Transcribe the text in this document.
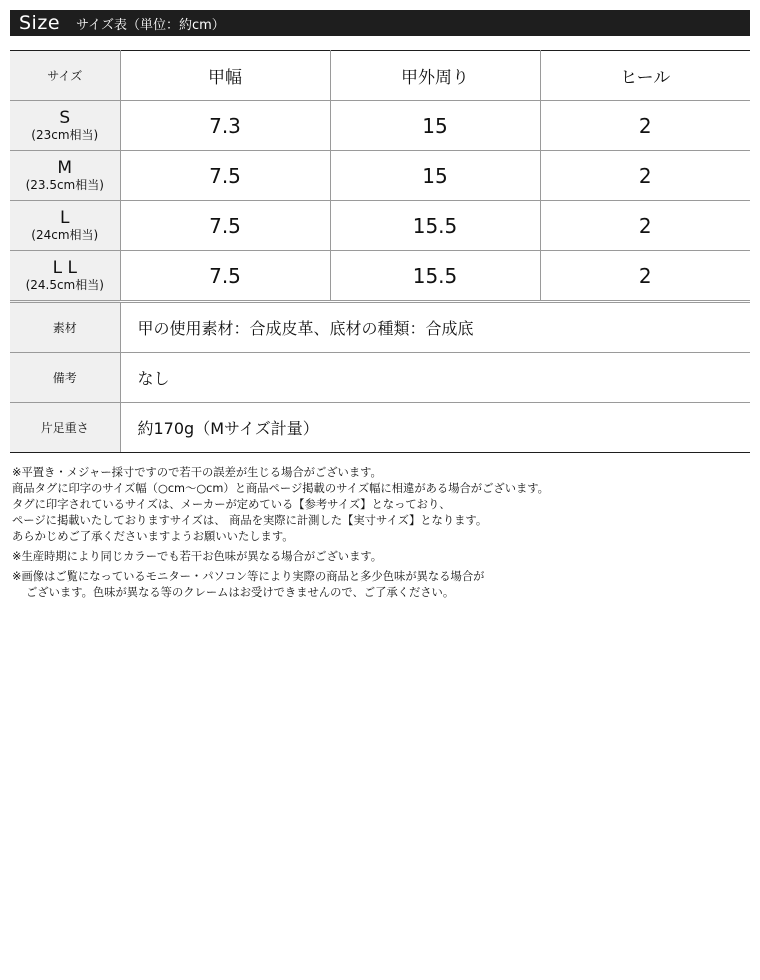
Size サイズ表（単位：約cm）
サイズ	甲幅	甲外周り	ヒール

S
(23cm相当)	7.3	15	2

M
(23.5cm相当)	7.5	15	2

L
(24cm相当)	7.5	15.5	2

L L
(24.5cm相当)	7.5	15.5	2
素材	甲の使用素材：合成皮革、底材の種類：合成底		
備考	なし		
片足重さ	約170g（Mサイズ計量）		
※平置き・メジャー採寸ですので若干の誤差が生じる場合がございます。
商品タグに印字のサイズ幅（○cm〜○cm）と商品ページ掲載のサイズ幅に相違がある場合がございます。
タグに印字されているサイズは、メーカーが定めている【参考サイズ】となっており、
ページに掲載いたしておりますサイズは、 商品を実際に計測した【実寸サイズ】となります。
あらかじめご了承くださいますようお願いいたします。
※生産時期により同じカラーでも若干お色味が異なる場合がございます。
※画像はご覧になっているモニター・パソコン等により実際の商品と多少色味が異なる場合が
ございます。色味が異なる等のクレームはお受けできませんので、ご了承ください。
